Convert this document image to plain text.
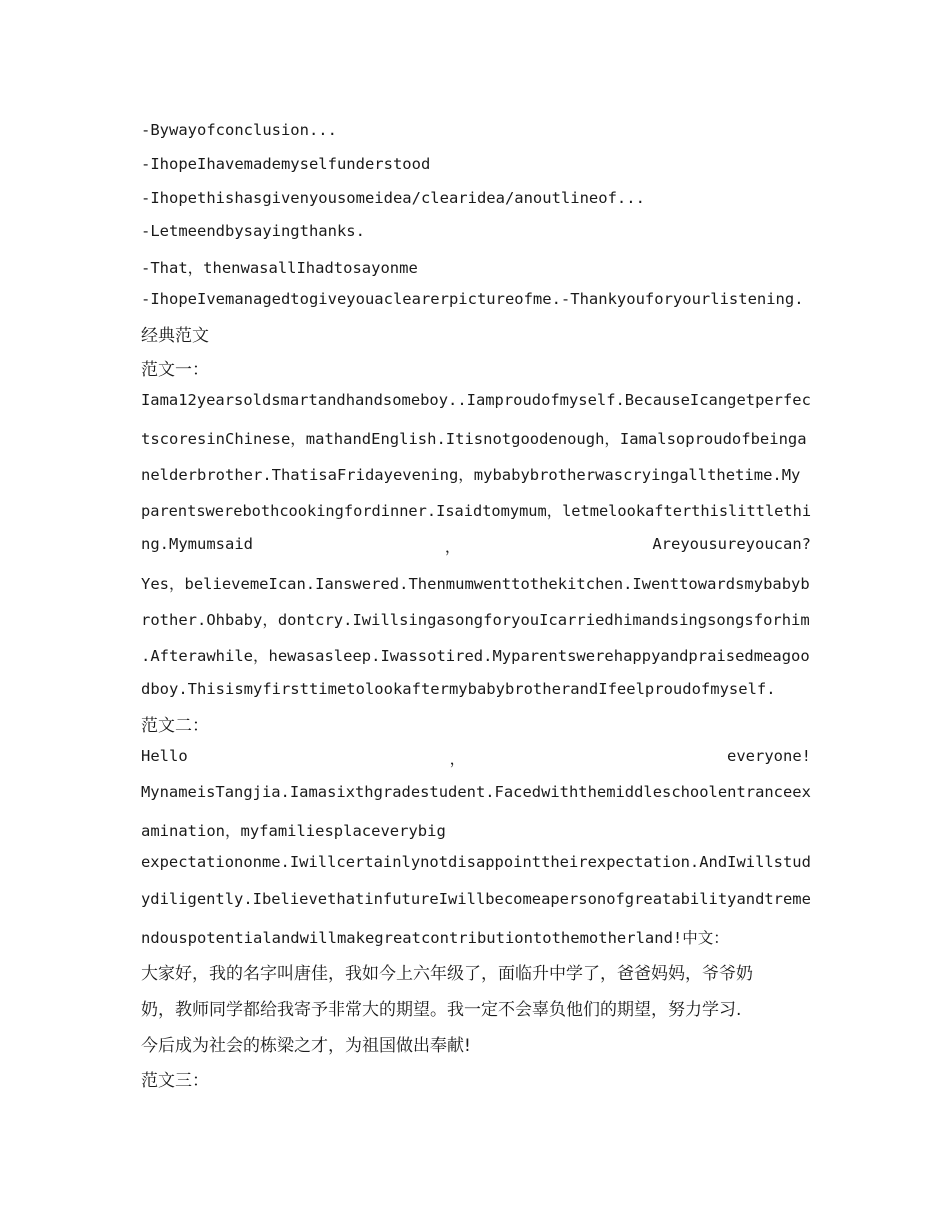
-Bywayofconclusion...
-IhopeIhavemademyselfunderstood
-Ihopethishasgivenyousomeidea/clearidea/anoutlineof...
-Letmeendbysayingthanks.
-That，thenwasallIhadtosayonme
-IhopeIvemanagedtogiveyouaclearerpictureofme.-Thankyouforyourlistening.
经典范文
范文一：
Iama12yearsoldsmartandhandsomeboy..Iamproudofmyself.BecauseIcangetperfec
tscoresinChinese，mathandEnglish.Itisnotgoodenough，Iamalsoproudofbeinga
nelderbrother.ThatisaFridayevening，mybabybrotherwascryingallthetime.My
parentswerebothcookingfordinner.Isaidtomymum，letmelookafterthislittlethi
ng.Mymumsaid	，	Areyousureyoucan?
Yes，believemeIcan.Ianswered.Thenmumwenttothekitchen.Iwenttowardsmybabyb
rother.Ohbaby，dontcry.IwillsingasongforyouIcarriedhimandsingsongsforhim
.Afterawhile，hewasasleep.Iwassotired.Myparentswerehappyandpraisedmeagoo
dboy.ThisismyfirsttimetolookaftermybabybrotherandIfeelproudofmyself.
范文二：
Hello	，	everyone!
MynameisTangjia.Iamasixthgradestudent.Facedwiththemiddleschoolentranceex
amination，myfamiliesplaceverybig
expectationonme.Iwillcertainlynotdisappointtheirexpectation.AndIwillstud
ydiligently.IbelievethatinfutureIwillbecomeapersonofgreatabilityandtreme
ndouspotentialandwillmakegreatcontributiontothemotherland!中文：
大家好，我的名字叫唐佳，我如今上六年级了，面临升中学了，爸爸妈妈，爷爷奶
奶，教师同学都给我寄予非常大的期望。我一定不会辜负他们的期望，努力学习.
今后成为社会的栋梁之才，为祖国做出奉献!
范文三：
